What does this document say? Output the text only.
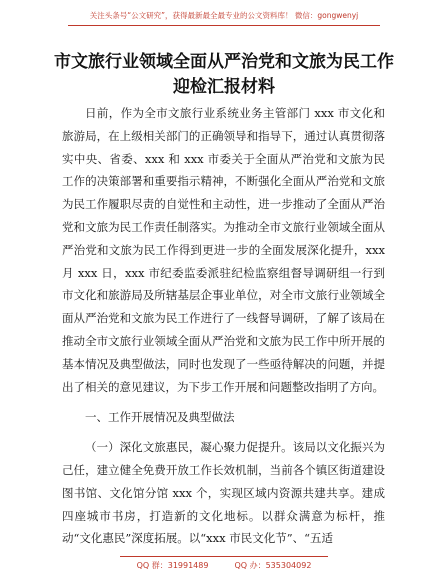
关注头条号“公文研究”，获得最新最全最专业的公文资料库！ 微信：gongwenyj
市文旅行业领域全面从严治党和文旅为民工作
迎检汇报材料

日前，作为全市文旅行业系统业务主管部门 xxx 市文化和旅游局，在上级相关部门的正确领导和指导下，通过认真贯彻落实中央、省委、xxx 和 xxx 市委关于全面从严治党和文旅为民工作的决策部署和重要指示精神，不断强化全面从严治党和文旅为民工作履职尽责的自觉性和主动性，进一步推动了全面从严治党和文旅为民工作责任制落实。为推动全市文旅行业领域全面从严治党和文旅为民工作得到更进一步的全面发展深化提升，xxx 月 xxx 日，xxx 市纪委监委派驻纪检监察组督导调研组一行到市文化和旅游局及所辖基层企事业单位，对全市文旅行业领域全面从严治党和文旅为民工作进行了一线督导调研，了解了该局在推动全市文旅行业领域全面从严治党和文旅为民工作中所开展的基本情况及典型做法，同时也发现了一些亟待解决的问题，并提出了相关的意见建议，为下步工作开展和问题整改指明了方向。

一、工作开展情况及典型做法

（一）深化文旅惠民，凝心聚力促提升。该局以文化振兴为己任，建立健全免费开放工作长效机制，当前各个镇区街道建设图书馆、文化馆分馆 xxx 个，实现区域内资源共建共享。建成四座城市书房，打造新的文化地标。以群众满意为标杆，推动“文化惠民”深度拓展。以“xxx 市民文化节”、“五适

QQ 群：31991489	QQ 办：535304092
